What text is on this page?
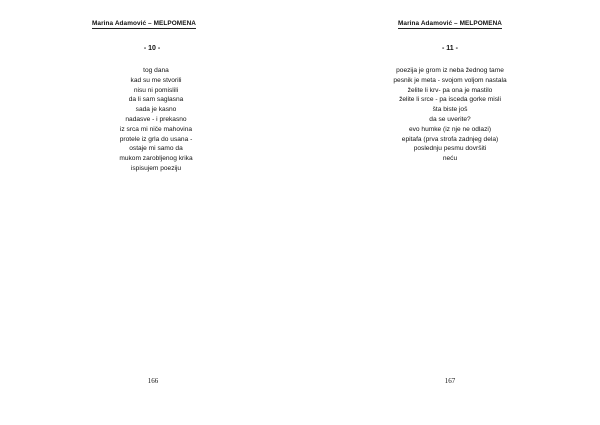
Marina Adamović – MELPOMENA
- 10 -
tog dana
kad su me stvorili
nisu ni pomislili
da li sam saglasna
sada je kasno
nadasve - i prekasno
iz srca mi niče mahovina
protele iz grla do usana -
ostaje mi samo da
mukom zarobljenog krika
ispisujem poeziju
166
Marina Adamović – MELPOMENA
- 11 -
poezija je grom iz neba žednog tame
pesnik je meta - svojom voljom nastala
želite li krv- pa ona je mastilo
želite li srce - pa isceda gorke misli
šta biste još
da se uverite?
evo humke (iz nje ne odlazi)
epitafa (prva strofa zadnjeg dela)
poslednju pesmu dovršiti
neću
167
